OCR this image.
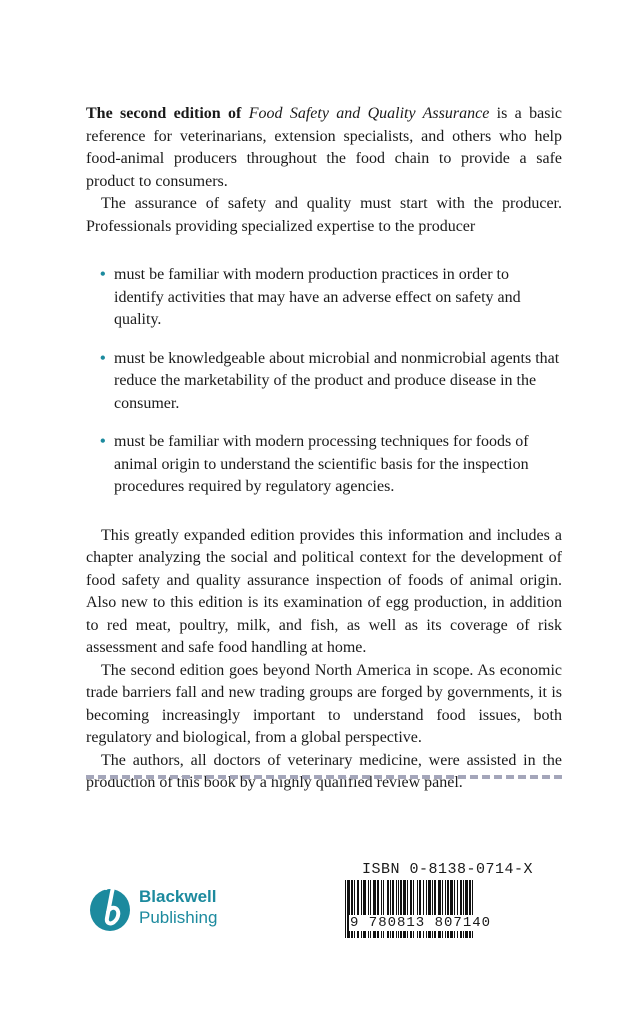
The second edition of Food Safety and Quality Assurance is a basic reference for veterinarians, extension specialists, and others who help food-animal producers throughout the food chain to provide a safe product to consumers.

The assurance of safety and quality must start with the producer. Professionals providing specialized expertise to the producer

• must be familiar with modern production practices in order to identify activities that may have an adverse effect on safety and quality.
• must be knowledgeable about microbial and nonmicrobial agents that reduce the marketability of the product and produce disease in the consumer.
• must be familiar with modern processing techniques for foods of animal origin to understand the scientific basis for the inspection procedures required by regulatory agencies.

This greatly expanded edition provides this information and includes a chapter analyzing the social and political context for the development of food safety and quality assurance inspection of foods of animal origin. Also new to this edition is its examination of egg production, in addition to red meat, poultry, milk, and fish, as well as its coverage of risk assessment and safe food handling at home.

The second edition goes beyond North America in scope. As economic trade barriers fall and new trading groups are forged by governments, it is becoming increasingly important to understand food issues, both regulatory and biological, from a global perspective.

The authors, all doctors of veterinary medicine, were assisted in the production of this book by a highly qualified review panel.

Blackwell
Publishing
ISBN 0-8138-0714-X
9 780813 807140
